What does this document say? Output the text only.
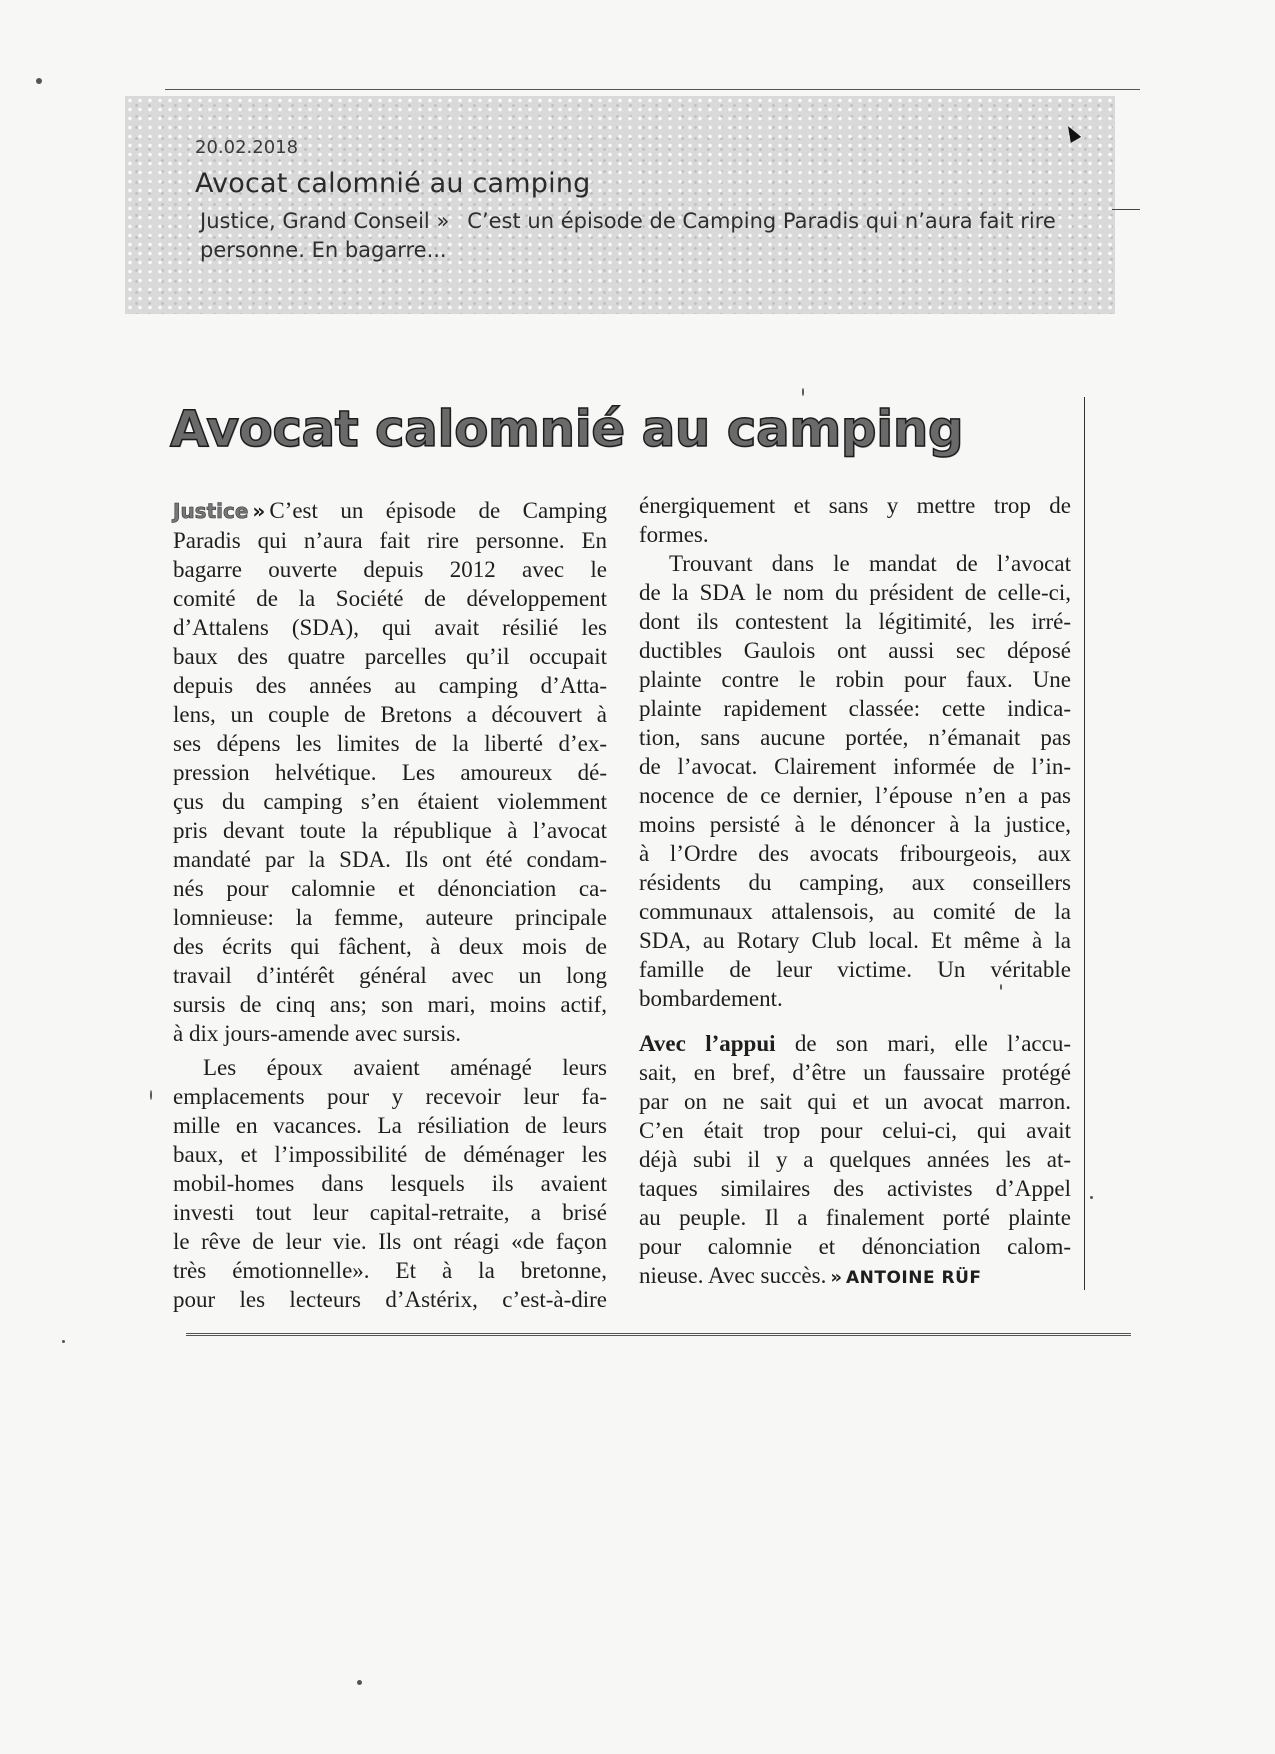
20.02.2018
Avocat calomnié au camping
Justice, Grand Conseil » C’est un épisode de Camping Paradis qui n’aura fait rire
personne. En bagarre...
Avocat calomnié au camping
Justice » C’est un épisode de Camping
Paradis qui n’aura fait rire personne. En
bagarre ouverte depuis 2012 avec le
comité de la Société de développement
d’Attalens (SDA), qui avait résilié les
baux des quatre parcelles qu’il occupait
depuis des années au camping d’Atta-
lens, un couple de Bretons a découvert à
ses dépens les limites de la liberté d’ex-
pression helvétique. Les amoureux dé-
çus du camping s’en étaient violemment
pris devant toute la république à l’avocat
mandaté par la SDA. Ils ont été condam-
nés pour calomnie et dénonciation ca-
lomnieuse: la femme, auteure principale
des écrits qui fâchent, à deux mois de
travail d’intérêt général avec un long
sursis de cinq ans; son mari, moins actif,
à dix jours-amende avec sursis.
Les époux avaient aménagé leurs
emplacements pour y recevoir leur fa-
mille en vacances. La résiliation de leurs
baux, et l’impossibilité de déménager les
mobil-homes dans lesquels ils avaient
investi tout leur capital-retraite, a brisé
le rêve de leur vie. Ils ont réagi «de façon
très émotionnelle». Et à la bretonne,
pour les lecteurs d’Astérix, c’est-à-dire
énergiquement et sans y mettre trop de
formes.
Trouvant dans le mandat de l’avocat
de la SDA le nom du président de celle-ci,
dont ils contestent la légitimité, les irré-
ductibles Gaulois ont aussi sec déposé
plainte contre le robin pour faux. Une
plainte rapidement classée: cette indica-
tion, sans aucune portée, n’émanait pas
de l’avocat. Clairement informée de l’in-
nocence de ce dernier, l’épouse n’en a pas
moins persisté à le dénoncer à la justice,
à l’Ordre des avocats fribourgeois, aux
résidents du camping, aux conseillers
communaux attalensois, au comité de la
SDA, au Rotary Club local. Et même à la
famille de leur victime. Un véritable
bombardement.
Avec l’appui de son mari, elle l’accu-
sait, en bref, d’être un faussaire protégé
par on ne sait qui et un avocat marron.
C’en était trop pour celui-ci, qui avait
déjà subi il y a quelques années les at-
taques similaires des activistes d’Appel
au peuple. Il a finalement porté plainte
pour calomnie et dénonciation calom-
nieuse. Avec succès. » ANTOINE RÜF
